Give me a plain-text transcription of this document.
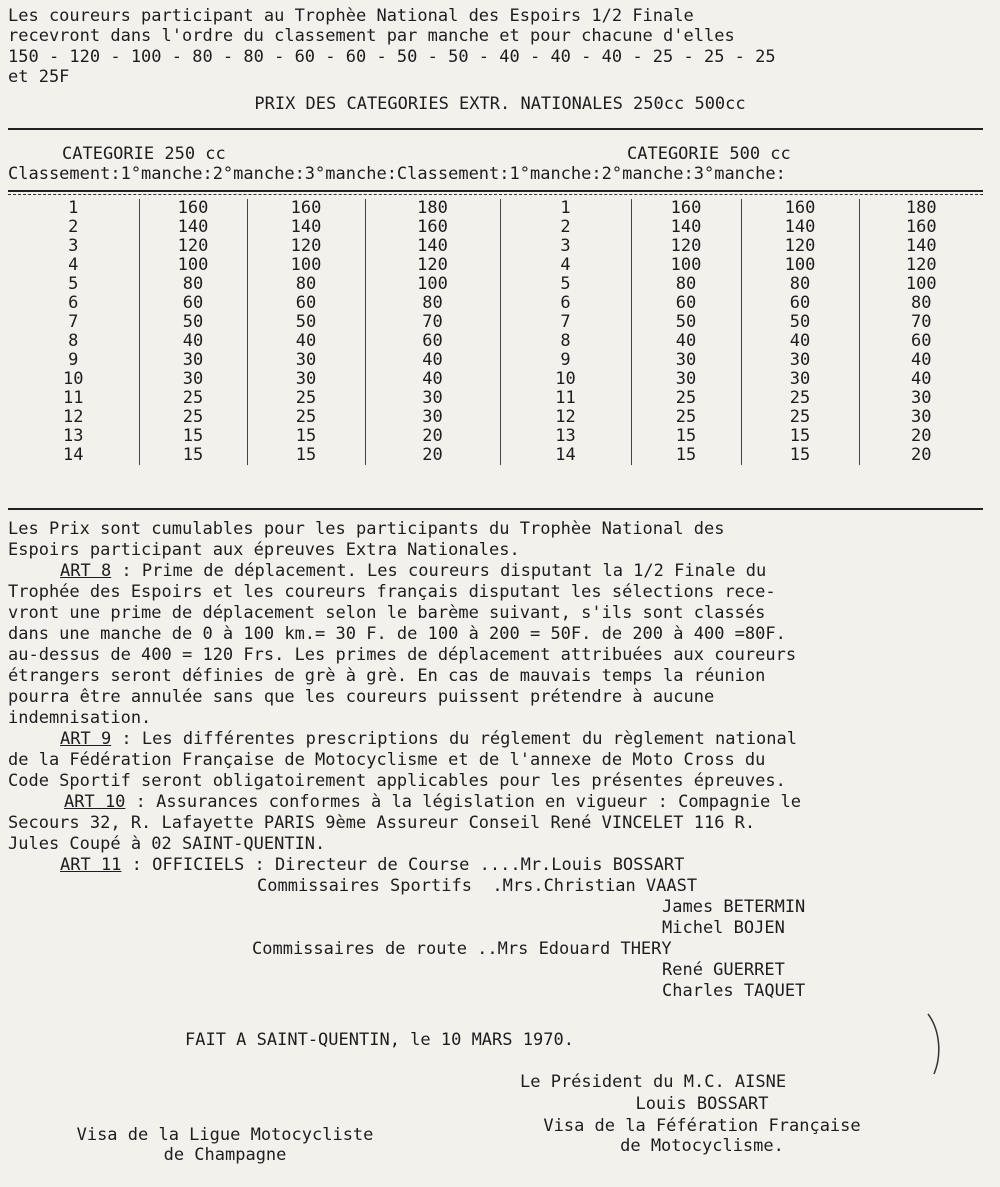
Les coureurs participant au Trophèe National des Espoirs 1/2 Finale
recevront dans l'ordre du classement par manche et pour chacune d'elles
150 - 120 - 100 - 80 - 80 - 60 - 60 - 50 - 50 - 40 - 40 - 40 - 25 - 25 - 25
et 25F
PRIX DES CATEGORIES EXTR. NATIONALES 250cc 500cc
CATEGORIE 250 cc	CATEGORIE 500 cc
Classement:1°manche:2°manche:3°manche:Classement:1°manche:2°manche:3°manche:
1	160	160	180	1	160	160	180
2	140	140	160	2	140	140	160
3	120	120	140	3	120	120	140
4	100	100	120	4	100	100	120
5	80	80	100	5	80	80	100
6	60	60	80	6	60	60	80
7	50	50	70	7	50	50	70
8	40	40	60	8	40	40	60
9	30	30	40	9	30	30	40
10	30	30	40	10	30	30	40
11	25	25	30	11	25	25	30
12	25	25	30	12	25	25	30
13	15	15	20	13	15	15	20
14	15	15	20	14	15	15	20
Les Prix sont cumulables pour les participants du Trophèe National des
Espoirs participant aux épreuves Extra Nationales.
ART 8 : Prime de déplacement. Les coureurs disputant la 1/2 Finale du
Trophée des Espoirs et les coureurs français disputant les sélections rece-
vront une prime de déplacement selon le barème suivant, s'ils sont classés
dans une manche de 0 à 100 km.= 30 F. de 100 à 200 = 50F. de 200 à 400 =80F.
au-dessus de 400 = 120 Frs. Les primes de déplacement attribuées aux coureurs
étrangers seront définies de grè à grè. En cas de mauvais temps la réunion
pourra être annulée sans que les coureurs puissent prétendre à aucune
indemnisation.
ART 9 : Les différentes prescriptions du réglement du règlement national
de la Fédération Française de Motocyclisme et de l'annexe de Moto Cross du
Code Sportif seront obligatoirement applicables pour les présentes épreuves.
ART 10 : Assurances conformes à la législation en vigueur : Compagnie le
Secours 32, R. Lafayette PARIS 9ème Assureur Conseil René VINCELET 116 R.
Jules Coupé à 02 SAINT-QUENTIN.
ART 11 : OFFICIELS : Directeur de Course ....Mr.Louis BOSSART
Commissaires Sportifs  .Mrs.Christian VAAST
James BETERMIN
Michel BOJEN
Commissaires de route ..Mrs Edouard THERY
René GUERRET
Charles TAQUET
FAIT A SAINT-QUENTIN, le 10 MARS 1970.
Le Président du M.C. AISNE
Louis BOSSART
Visa de la Féfération Française
de Motocyclisme.
Visa de la Ligue Motocycliste
de Champagne
